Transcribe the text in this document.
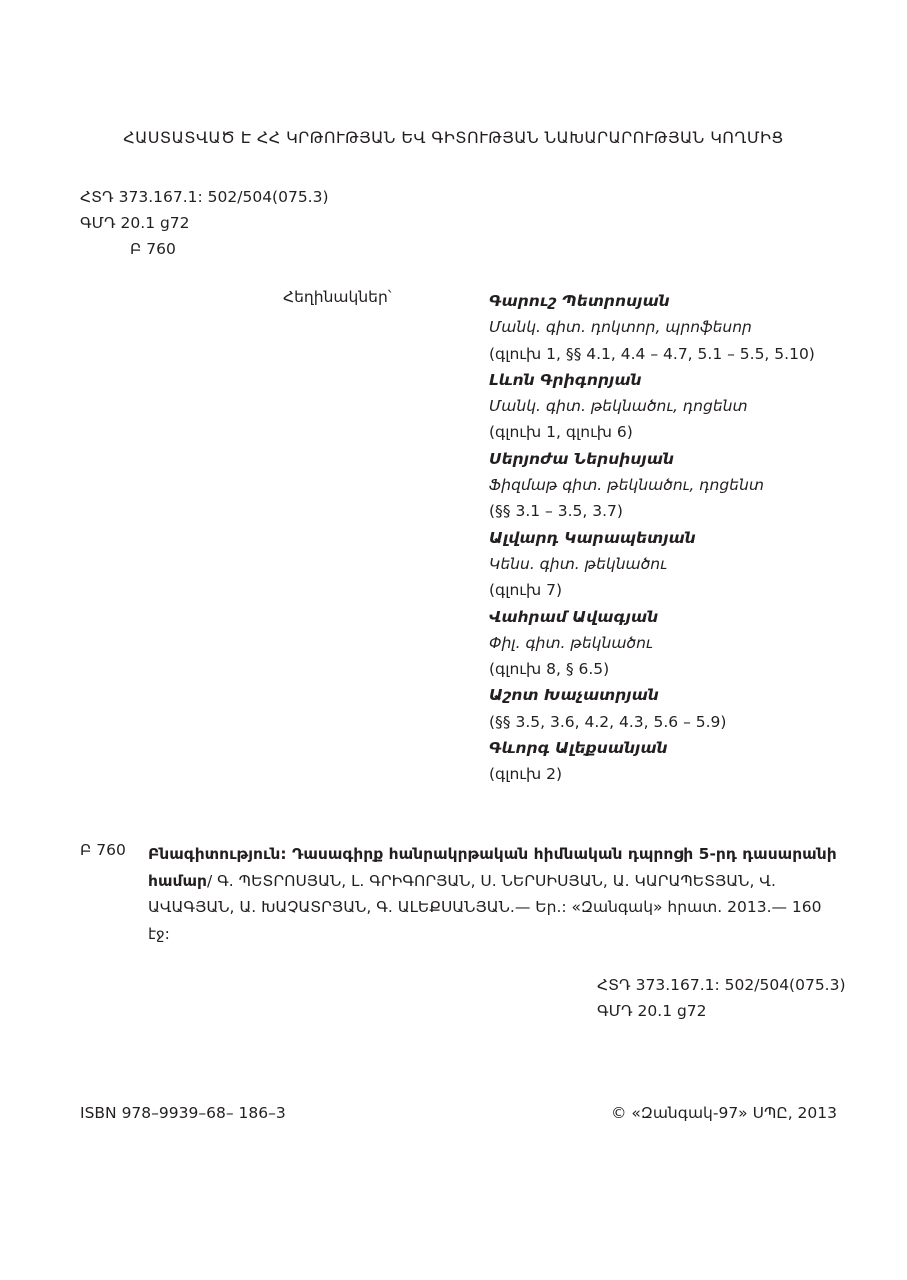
ՀԱՍՏԱՏՎԱԾ Է ՀՀ ԿՐԹՈՒԹՅԱՆ ԵՎ ԳԻՏՈՒԹՅԱՆ ՆԱԽԱՐԱՐՈՒԹՅԱՆ ԿՈՂՄԻՑ
ՀՏԴ 373.167.1: 502/504(075.3)
ԳՄԴ 20.1 ց72
Բ 760
Հեղինակներ՝	Գարուշ Պետրոսյան
Մանկ. գիտ. դոկտոր, պրոֆեսոր
(գլուխ 1, §§ 4.1, 4.4 – 4.7, 5.1 – 5.5, 5.10)
Լևոն Գրիգորյան
Մանկ. գիտ. թեկնածու, դոցենտ
(գլուխ 1, գլուխ 6)
Սերյոժա Ներսիսյան
Ֆիզմաթ գիտ. թեկնածու, դոցենտ
(§§ 3.1 – 3.5, 3.7)
Ալվարդ Կարապետյան
Կենս. գիտ. թեկնածու
(գլուխ 7)
Վահրամ Ավագյան
Փիլ. գիտ. թեկնածու
(գլուխ 8, § 6.5)
Աշոտ Խաչատրյան
(§§ 3.5, 3.6, 4.2, 4.3, 5.6 – 5.9)
Գևորգ Ալեքսանյան
(գլուխ 2)
Բ 760 Բնագիտություն: Դասագիրք հանրակրթական հիմնական դպրոցի 5-րդ դասարանի համար/ Գ. ՊԵՏՐՈՍՅԱՆ, Լ. ԳՐԻԳՈՐՅԱՆ, Ս. ՆԵՐՍԻՍՅԱՆ, Ա. ԿԱՐԱՊԵՏՅԱՆ, Վ. ԱՎԱԳՅԱՆ, Ա. ԽԱՉԱՏՐՅԱՆ, Գ. ԱԼԵՔՍԱՆՅԱՆ.— Եր.: «Զանգակ» հրատ. 2013.— 160 էջ:
ՀՏԴ 373.167.1: 502/504(075.3)
ԳՄԴ 20.1 ց72
ISBN 978–9939–68– 186–3	© «Զանգակ-97» ՍՊԸ, 2013
